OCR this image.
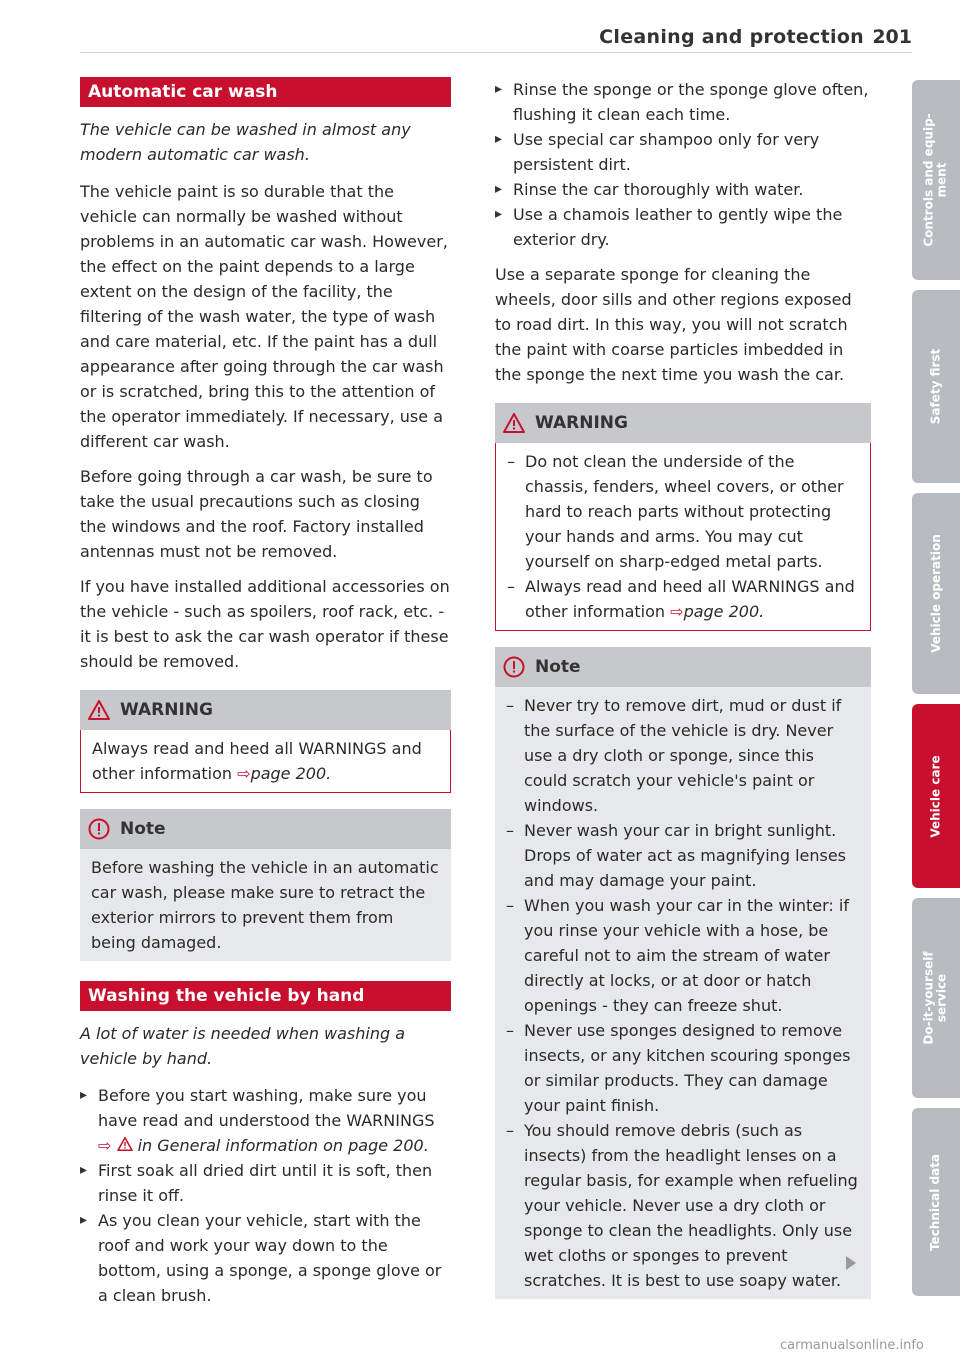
Cleaning and protection 201
Automatic car wash

The vehicle can be washed in almost any modern automatic car wash.

The vehicle paint is so durable that the vehicle can normally be washed without problems in an automatic car wash. However, the effect on the paint depends to a large extent on the design of the facility, the filtering of the wash water, the type of wash and care material, etc. If the paint has a dull appearance after going through the car wash or is scratched, bring this to the attention of the operator immediately. If necessary, use a different car wash.

Before going through a car wash, be sure to take the usual precautions such as closing the windows and the roof. Factory installed antennas must not be removed.

If you have installed additional accessories on the vehicle - such as spoilers, roof rack, etc. - it is best to ask the car wash operator if these should be removed.

WARNING
Always read and heed all WARNINGS and other information ⇨page 200.
Note
Before washing the vehicle in an automatic car wash, please make sure to retract the exterior mirrors to prevent them from being damaged.
Washing the vehicle by hand

A lot of water is needed when washing a vehicle by hand.

▸ Before you start washing, make sure you have read and understood the WARNINGS ⇨ in General information on page 200.
▸ First soak all dried dirt until it is soft, then rinse it off.
▸ As you clean your vehicle, start with the roof and work your way down to the bottom, using a sponge, a sponge glove or a clean brush.
▸ Rinse the sponge or the sponge glove often, flushing it clean each time.
▸ Use special car shampoo only for very persistent dirt.
▸ Rinse the car thoroughly with water.
▸ Use a chamois leather to gently wipe the exterior dry.

Use a separate sponge for cleaning the wheels, door sills and other regions exposed to road dirt. In this way, you will not scratch the paint with coarse particles imbedded in the sponge the next time you wash the car.

WARNING
– Do not clean the underside of the chassis, fenders, wheel covers, or other hard to reach parts without protecting your hands and arms. You may cut yourself on sharp-edged metal parts.
– Always read and heed all WARNINGS and other information ⇨page 200.
Note
– Never try to remove dirt, mud or dust if the surface of the vehicle is dry. Never use a dry cloth or sponge, since this could scratch your vehicle's paint or windows.
– Never wash your car in bright sunlight. Drops of water act as magnifying lenses and may damage your paint.
– When you wash your car in the winter: if you rinse your vehicle with a hose, be careful not to aim the stream of water directly at locks, or at door or hatch openings - they can freeze shut.
– Never use sponges designed to remove insects, or any kitchen scouring sponges or similar products. They can damage your paint finish.
– You should remove debris (such as insects) from the headlight lenses on a regular basis, for example when refueling your vehicle. Never use a dry cloth or sponge to clean the headlights. Only use wet cloths or sponges to prevent scratches. It is best to use soapy water.
Controls and equip-
ment
Safety first
Vehicle operation
Vehicle care
Do-it-yourself
service
Technical data
carmanualsonline.info
